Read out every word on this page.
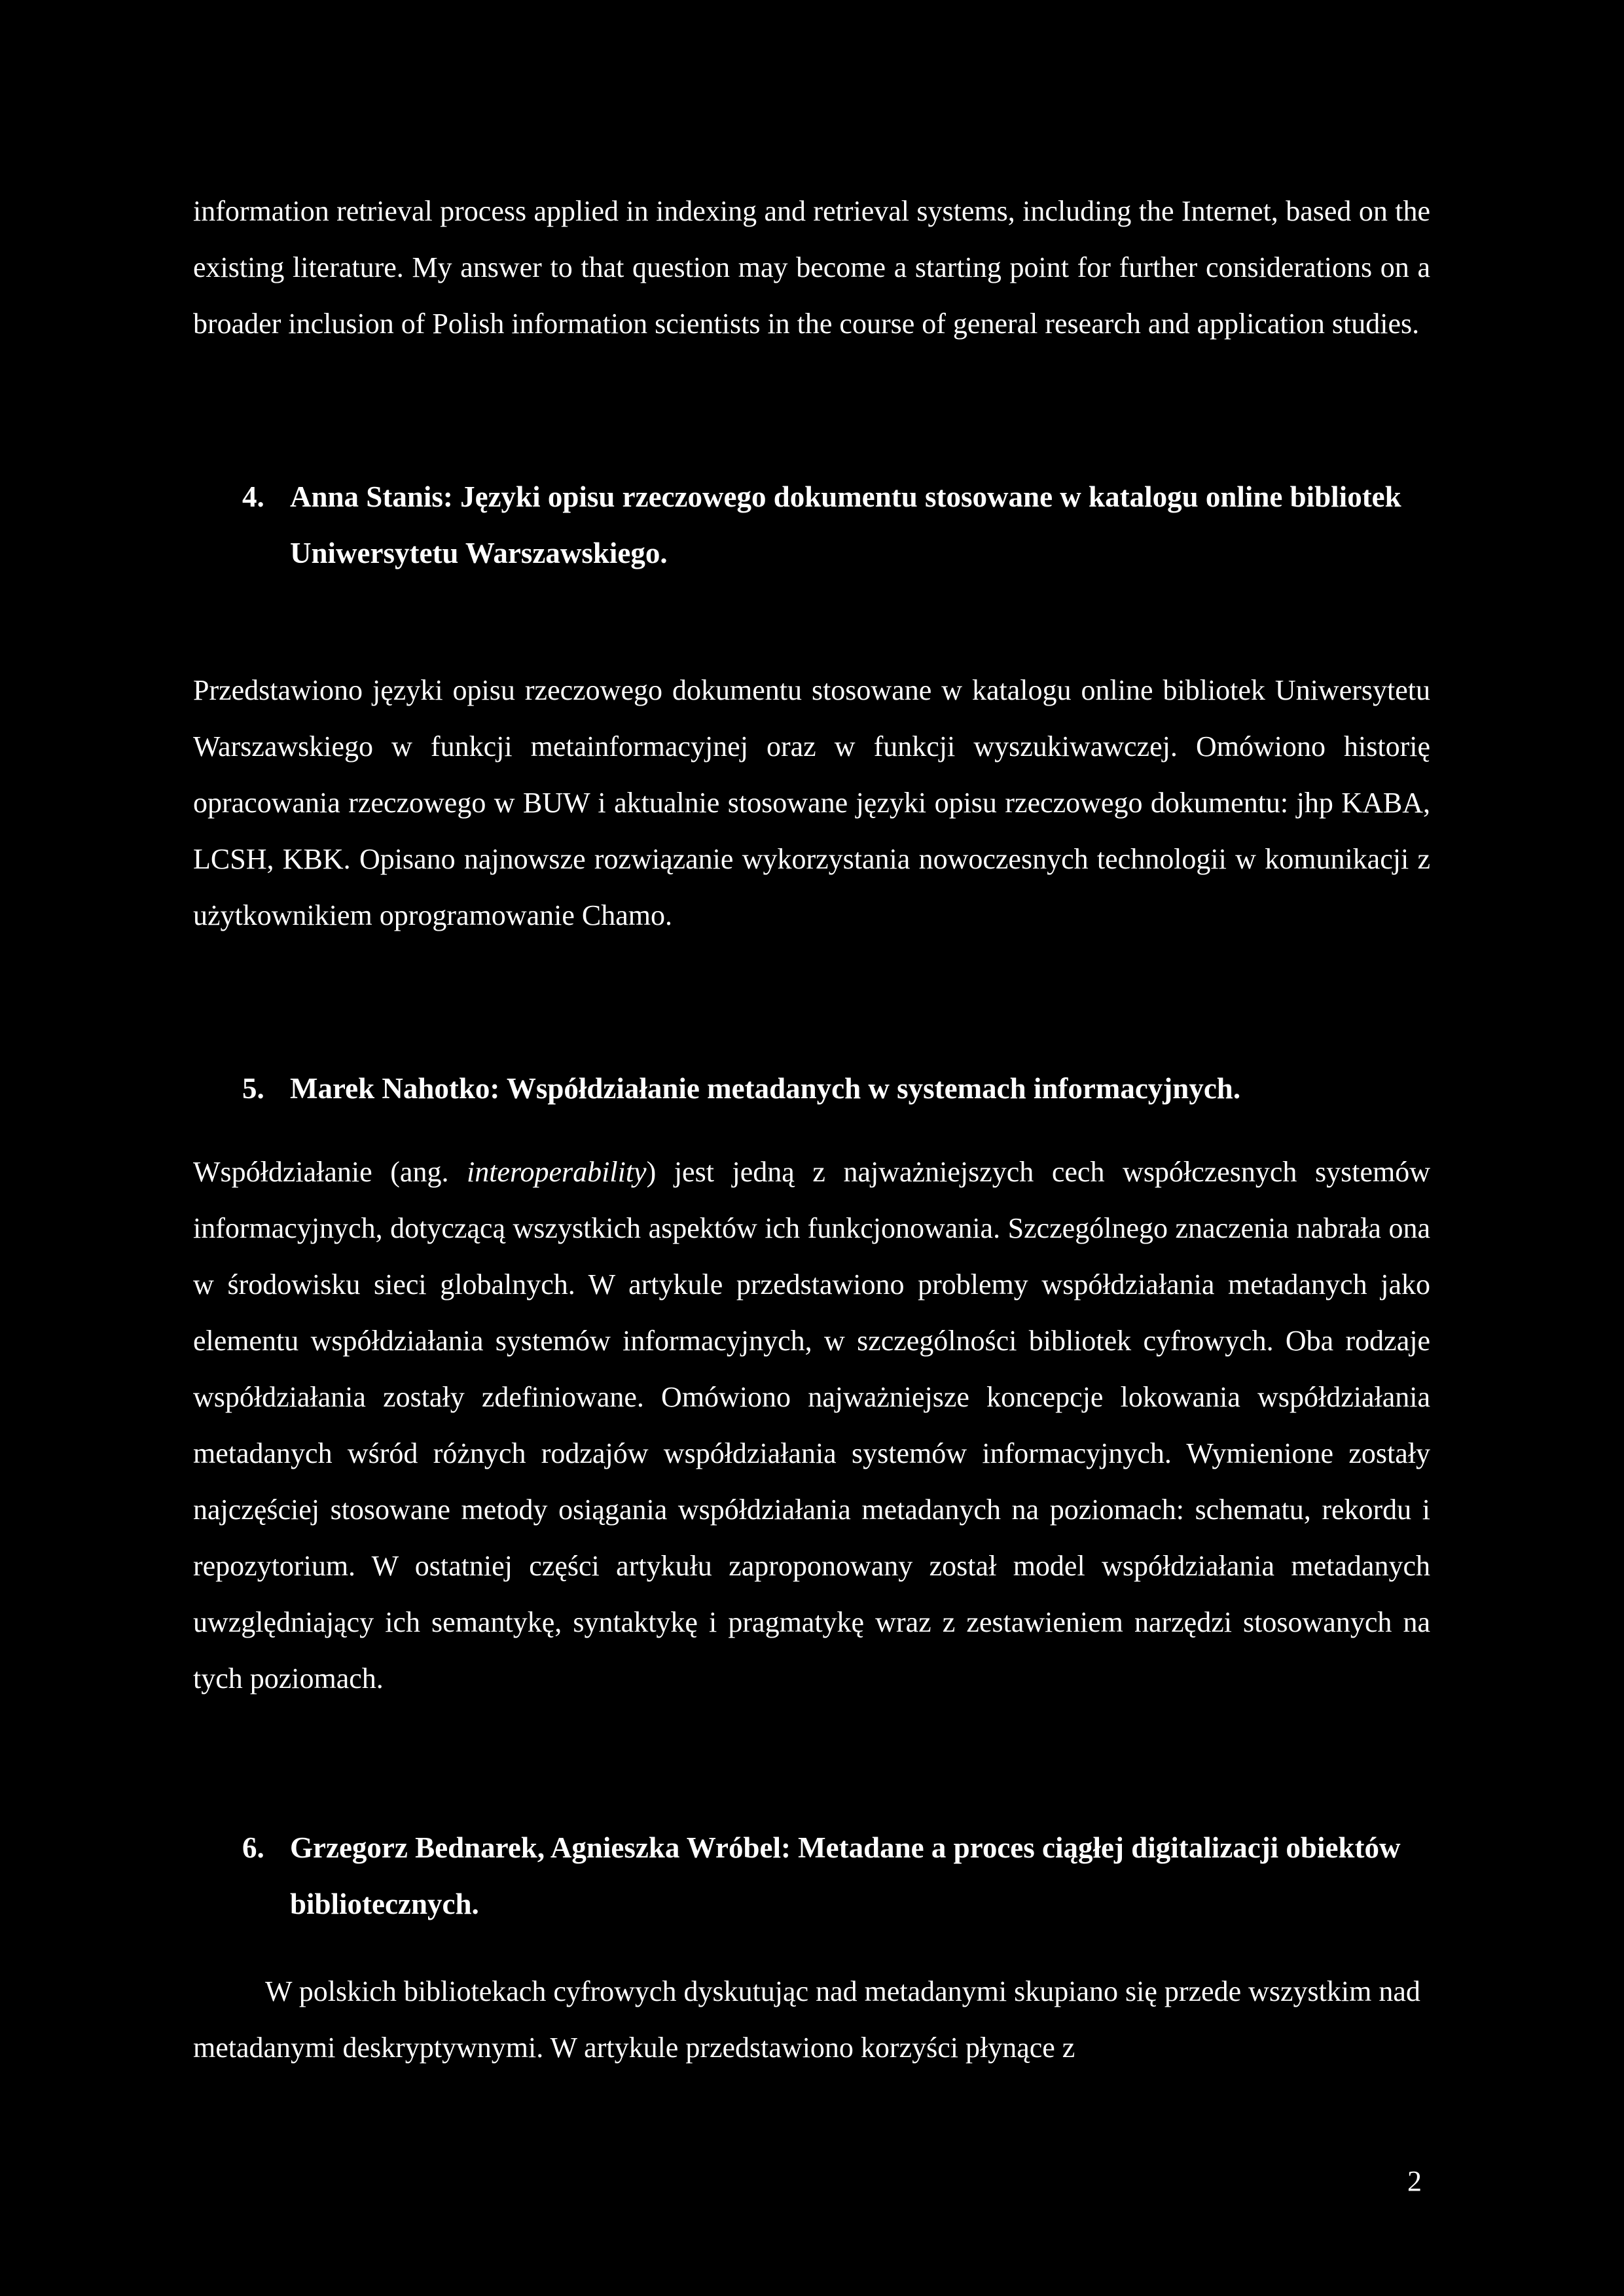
information retrieval process applied in indexing and retrieval systems, including the Internet, based on the existing literature. My answer to that question may become a starting point for further considerations on a broader inclusion of Polish information scientists in the course of general research and application studies.

4. Anna Stanis: Języki opisu rzeczowego dokumentu stosowane w katalogu online bibliotek Uniwersytetu Warszawskiego.

Przedstawiono języki opisu rzeczowego dokumentu stosowane w katalogu online bibliotek Uniwersytetu Warszawskiego w funkcji metainformacyjnej oraz w funkcji wyszukiwawczej. Omówiono historię opracowania rzeczowego w BUW i aktualnie stosowane języki opisu rzeczowego dokumentu: jhp KABA, LCSH, KBK. Opisano najnowsze rozwiązanie wykorzystania nowoczesnych technologii w komunikacji z użytkownikiem oprogramowanie Chamo.

5. Marek Nahotko: Współdziałanie metadanych w systemach informacyjnych.

Współdziałanie (ang. interoperability) jest jedną z najważniejszych cech współczesnych systemów informacyjnych, dotyczącą wszystkich aspektów ich funkcjonowania. Szczególnego znaczenia nabrała ona w środowisku sieci globalnych. W artykule przedstawiono problemy współdziałania metadanych jako elementu współdziałania systemów informacyjnych, w szczególności bibliotek cyfrowych. Oba rodzaje współdziałania zostały zdefiniowane. Omówiono najważniejsze koncepcje lokowania współdziałania metadanych wśród różnych rodzajów współdziałania systemów informacyjnych. Wymienione zostały najczęściej stosowane metody osiągania współdziałania metadanych na poziomach: schematu, rekordu i repozytorium. W ostatniej części artykułu zaproponowany został model współdziałania metadanych uwzględniający ich semantykę, syntaktykę i pragmatykę wraz z zestawieniem narzędzi stosowanych na tych poziomach.

6. Grzegorz Bednarek, Agnieszka Wróbel: Metadane a proces ciągłej digitalizacji obiektów bibliotecznych.

W polskich bibliotekach cyfrowych dyskutując nad metadanymi skupiano się przede wszystkim nad metadanymi deskryptywnymi. W artykule przedstawiono korzyści płynące z

2
